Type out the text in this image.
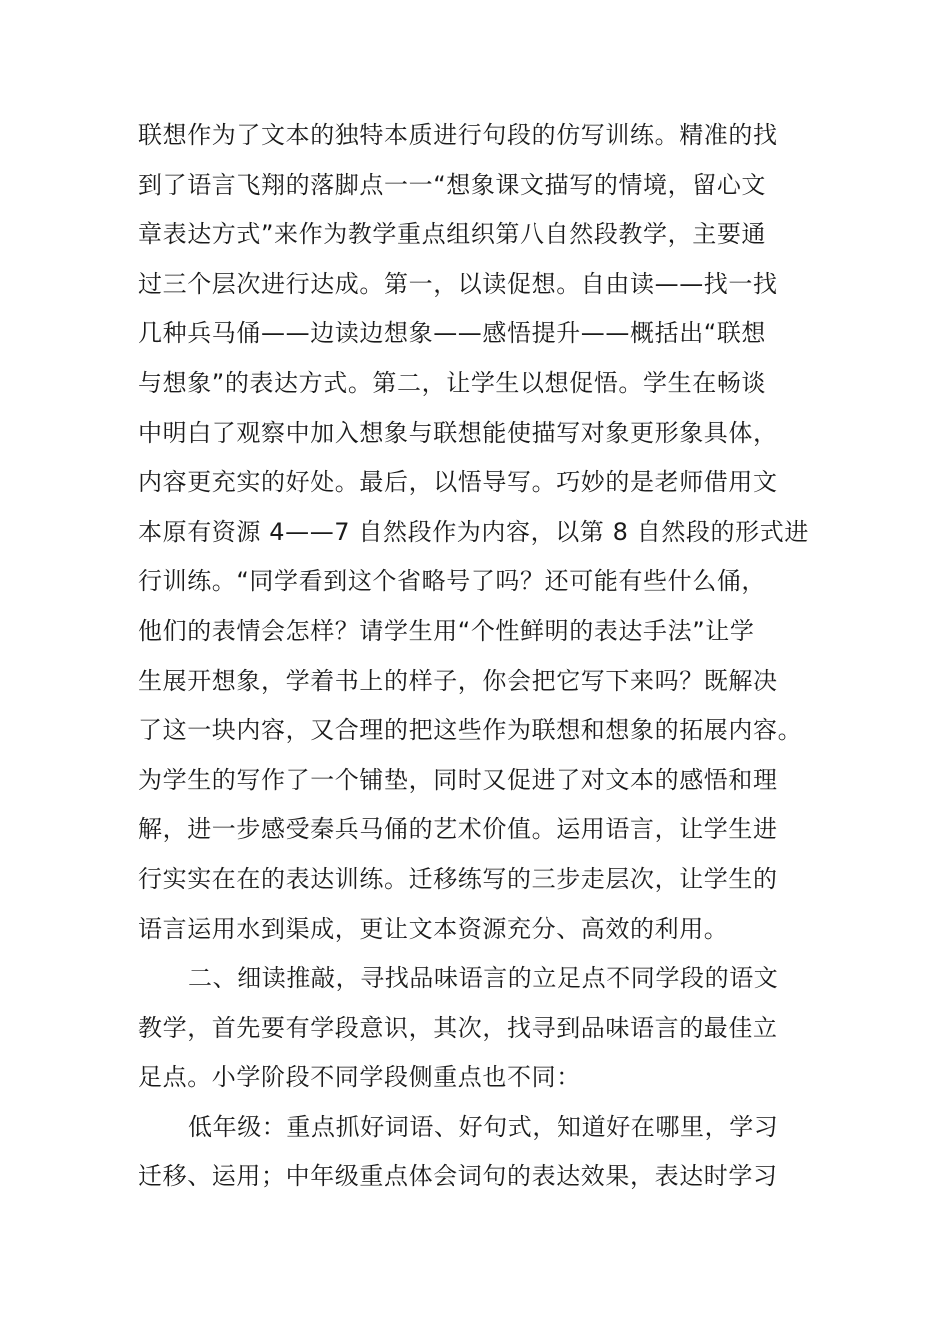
联想作为了文本的独特本质进行句段的仿写训练。精准的找
到了语言飞翔的落脚点一一“想象课文描写的情境，留心文
章表达方式”来作为教学重点组织第八自然段教学，主要通
过三个层次进行达成。第一，以读促想。自由读——找一找
几种兵马俑——边读边想象——感悟提升——概括出“联想
与想象”的表达方式。第二，让学生以想促悟。学生在畅谈
中明白了观察中加入想象与联想能使描写对象更形象具体，
内容更充实的好处。最后，以悟导写。巧妙的是老师借用文
本原有资源 4——7 自然段作为内容，以第 8 自然段的形式进
行训练。“同学看到这个省略号了吗？还可能有些什么俑，
他们的表情会怎样？请学生用“个性鲜明的表达手法”让学
生展开想象，学着书上的样子，你会把它写下来吗？既解决
了这一块内容，又合理的把这些作为联想和想象的拓展内容。
为学生的写作了一个铺垫，同时又促进了对文本的感悟和理
解，进一步感受秦兵马俑的艺术价值。运用语言，让学生进
行实实在在的表达训练。迁移练写的三步走层次，让学生的
语言运用水到渠成，更让文本资源充分、高效的利用。
二、细读推敲，寻找品味语言的立足点不同学段的语文
教学，首先要有学段意识，其次，找寻到品味语言的最佳立
足点。小学阶段不同学段侧重点也不同：
低年级：重点抓好词语、好句式，知道好在哪里，学习
迁移、运用；中年级重点体会词句的表达效果，表达时学习
